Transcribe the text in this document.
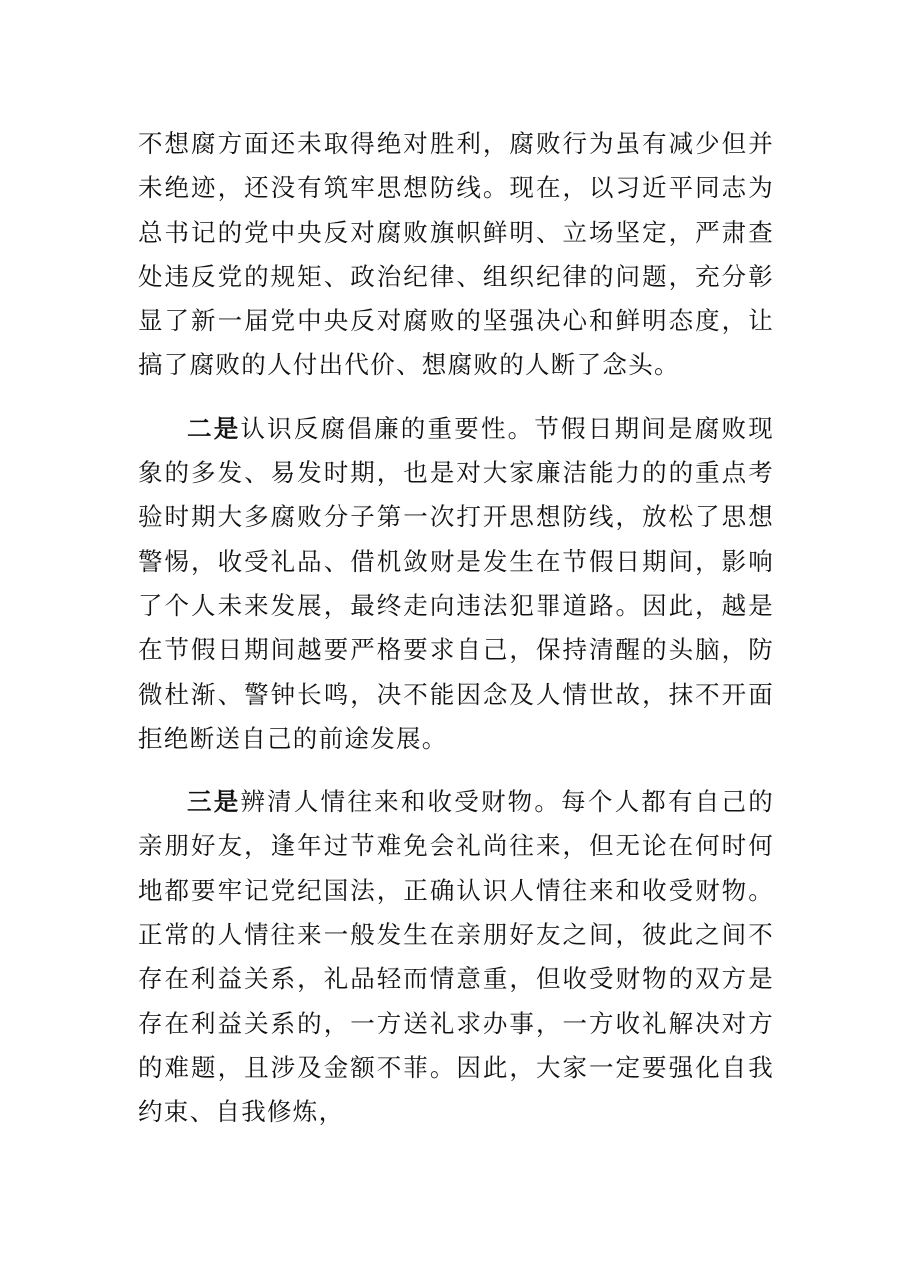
不想腐方面还未取得绝对胜利，腐败行为虽有减少但并未绝迹，还没有筑牢思想防线。现在，以习近平同志为总书记的党中央反对腐败旗帜鲜明、立场坚定，严肃查处违反党的规矩、政治纪律、组织纪律的问题，充分彰显了新一届党中央反对腐败的坚强决心和鲜明态度，让搞了腐败的人付出代价、想腐败的人断了念头。

二是认识反腐倡廉的重要性。节假日期间是腐败现象的多发、易发时期，也是对大家廉洁能力的的重点考验时期大多腐败分子第一次打开思想防线，放松了思想警惕，收受礼品、借机敛财是发生在节假日期间，影响了个人未来发展，最终走向违法犯罪道路。因此，越是在节假日期间越要严格要求自己，保持清醒的头脑，防微杜渐、警钟长鸣，决不能因念及人情世故，抹不开面拒绝断送自己的前途发展。

三是辨清人情往来和收受财物。每个人都有自己的亲朋好友，逢年过节难免会礼尚往来，但无论在何时何地都要牢记党纪国法，正确认识人情往来和收受财物。正常的人情往来一般发生在亲朋好友之间，彼此之间不存在利益关系，礼品轻而情意重，但收受财物的双方是存在利益关系的，一方送礼求办事，一方收礼解决对方的难题，且涉及金额不菲。因此，大家一定要强化自我约束、自我修炼，
